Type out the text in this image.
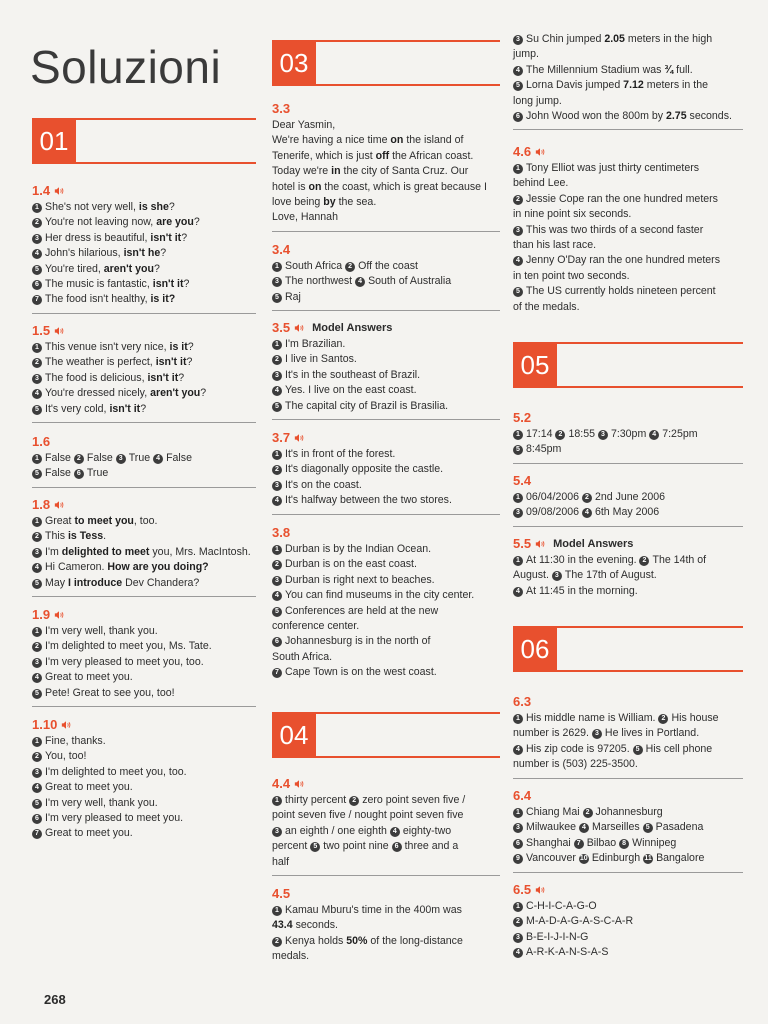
Soluzioni
01
1.4
1 She's not very well, is she?
2 You're not leaving now, are you?
3 Her dress is beautiful, isn't it?
4 John's hilarious, isn't he?
5 You're tired, aren't you?
6 The music is fantastic, isn't it?
7 The food isn't healthy, is it?
1.5
1 This venue isn't very nice, is it?
2 The weather is perfect, isn't it?
3 The food is delicious, isn't it?
4 You're dressed nicely, aren't you?
5 It's very cold, isn't it?
1.6
1 False 2 False 3 True 4 False
5 False 6 True
1.8
1 Great to meet you, too.
2 This is Tess.
3 I'm delighted to meet you, Mrs. MacIntosh.
4 Hi Cameron. How are you doing?
5 May I introduce Dev Chandera?
1.9
1 I'm very well, thank you.
2 I'm delighted to meet you, Ms. Tate.
3 I'm very pleased to meet you, too.
4 Great to meet you.
5 Pete! Great to see you, too!
1.10
1 Fine, thanks.
2 You, too!
3 I'm delighted to meet you, too.
4 Great to meet you.
5 I'm very well, thank you.
6 I'm very pleased to meet you.
7 Great to meet you.
03
3.3
Dear Yasmin,
We're having a nice time on the island of
Tenerife, which is just off the African coast.
Today we're in the city of Santa Cruz. Our
hotel is on the coast, which is great because I
love being by the sea.
Love, Hannah
3.4
1 South Africa 2 Off the coast
3 The northwest 4 South of Australia
5 Raj
3.5 Model Answers
1 I'm Brazilian.
2 I live in Santos.
3 It's in the southeast of Brazil.
4 Yes. I live on the east coast.
5 The capital city of Brazil is Brasilia.
3.7
1 It's in front of the forest.
2 It's diagonally opposite the castle.
3 It's on the coast.
4 It's halfway between the two stores.
3.8
1 Durban is by the Indian Ocean.
2 Durban is on the east coast.
3 Durban is right next to beaches.
4 You can find museums in the city center.
5 Conferences are held at the new
conference center.
6 Johannesburg is in the north of
South Africa.
7 Cape Town is on the west coast.
04
4.4
1 thirty percent 2 zero point seven five /
point seven five / nought point seven five
3 an eighth / one eighth 4 eighty-two
percent 5 two point nine 6 three and a
half
4.5
1 Kamau Mburu's time in the 400m was
43.4 seconds.
2 Kenya holds 50% of the long-distance
medals.
3 Su Chin jumped 2.05 meters in the high
jump.
4 The Millennium Stadium was ¾ full.
5 Lorna Davis jumped 7.12 meters in the
long jump.
6 John Wood won the 800m by 2.75 seconds.
4.6
1 Tony Elliot was just thirty centimeters
behind Lee.
2 Jessie Cope ran the one hundred meters
in nine point six seconds.
3 This was two thirds of a second faster
than his last race.
4 Jenny O'Day ran the one hundred meters
in ten point two seconds.
5 The US currently holds nineteen percent
of the medals.
05
5.2
1 17:14 2 18:55 3 7:30pm 4 7:25pm
5 8:45pm
5.4
1 06/04/2006 2 2nd June 2006
3 09/08/2006 4 6th May 2006
5.5 Model Answers
1 At 11:30 in the evening. 2 The 14th of
August. 3 The 17th of August.
4 At 11:45 in the morning.
06
6.3
1 His middle name is William. 2 His house
number is 2629. 3 He lives in Portland.
4 His zip code is 97205. 5 His cell phone
number is (503) 225-3500.
6.4
1 Chiang Mai 2 Johannesburg
3 Milwaukee 4 Marseilles 5 Pasadena
6 Shanghai 7 Bilbao 8 Winnipeg
9 Vancouver 10 Edinburgh 11 Bangalore
6.5
1 C-H-I-C-A-G-O
2 M-A-D-A-G-A-S-C-A-R
3 B-E-I-J-I-N-G
4 A-R-K-A-N-S-A-S
268
